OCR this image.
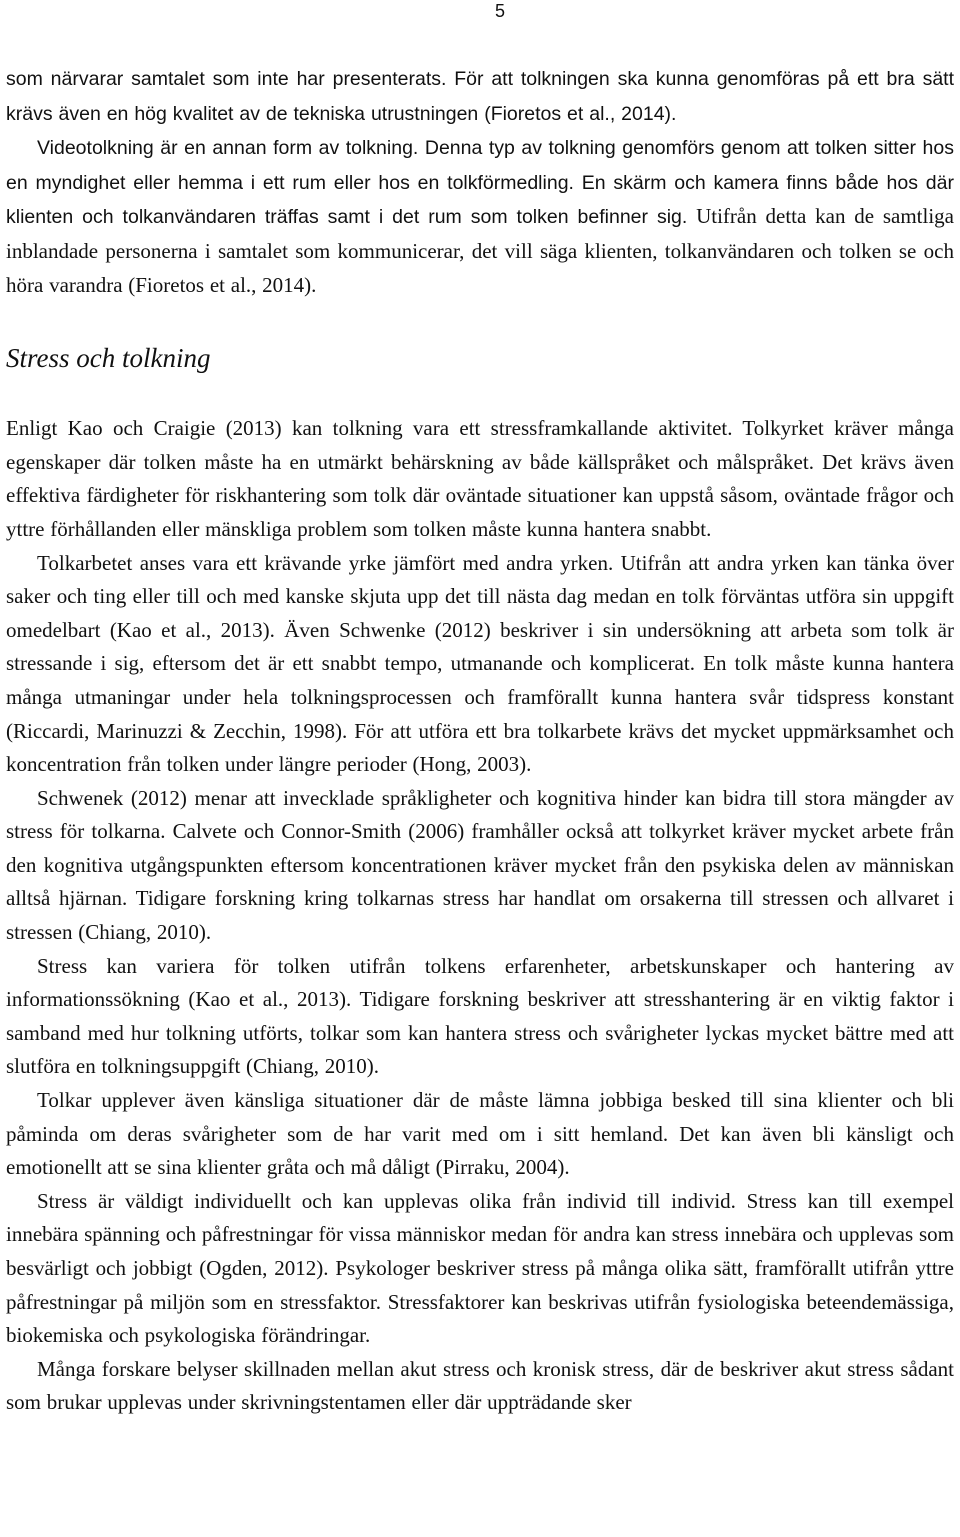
5

som närvarar samtalet som inte har presenterats. För att tolkningen ska kunna genomföras på ett bra sätt krävs även en hög kvalitet av de tekniska utrustningen (Fioretos et al., 2014).

Videotolkning är en annan form av tolkning. Denna typ av tolkning genomförs genom att tolken sitter hos en myndighet eller hemma i ett rum eller hos en tolkförmedling. En skärm och kamera finns både hos där klienten och tolkanvändaren träffas samt i det rum som tolken befinner sig. Utifrån detta kan de samtliga inblandade personerna i samtalet som kommunicerar, det vill säga klienten, tolkanvändaren och tolken se och höra varandra (Fioretos et al., 2014).

Stress och tolkning

Enligt Kao och Craigie (2013) kan tolkning vara ett stressframkallande aktivitet. Tolkyrket kräver många egenskaper där tolken måste ha en utmärkt behärskning av både källspråket och målspråket. Det krävs även effektiva färdigheter för riskhantering som tolk där oväntade situationer kan uppstå såsom, oväntade frågor och yttre förhållanden eller mänskliga problem som tolken måste kunna hantera snabbt.

Tolkarbetet anses vara ett krävande yrke jämfört med andra yrken. Utifrån att andra yrken kan tänka över saker och ting eller till och med kanske skjuta upp det till nästa dag medan en tolk förväntas utföra sin uppgift omedelbart (Kao et al., 2013). Även Schwenke (2012) beskriver i sin undersökning att arbeta som tolk är stressande i sig, eftersom det är ett snabbt tempo, utmanande och komplicerat. En tolk måste kunna hantera många utmaningar under hela tolkningsprocessen och framförallt kunna hantera svår tidspress konstant (Riccardi, Marinuzzi & Zecchin, 1998). För att utföra ett bra tolkarbete krävs det mycket uppmärksamhet och koncentration från tolken under längre perioder (Hong, 2003).

Schwenek (2012) menar att invecklade språkligheter och kognitiva hinder kan bidra till stora mängder av stress för tolkarna. Calvete och Connor-Smith (2006) framhåller också att tolkyrket kräver mycket arbete från den kognitiva utgångspunkten eftersom koncentrationen kräver mycket från den psykiska delen av människan alltså hjärnan. Tidigare forskning kring tolkarnas stress har handlat om orsakerna till stressen och allvaret i stressen (Chiang, 2010).

Stress kan variera för tolken utifrån tolkens erfarenheter, arbetskunskaper och hantering av informationssökning (Kao et al., 2013). Tidigare forskning beskriver att stresshantering är en viktig faktor i samband med hur tolkning utförts, tolkar som kan hantera stress och svårigheter lyckas mycket bättre med att slutföra en tolkningsuppgift (Chiang, 2010).

Tolkar upplever även känsliga situationer där de måste lämna jobbiga besked till sina klienter och bli påminda om deras svårigheter som de har varit med om i sitt hemland. Det kan även bli känsligt och emotionellt att se sina klienter gråta och må dåligt (Pirraku, 2004).

Stress är väldigt individuellt och kan upplevas olika från individ till individ. Stress kan till exempel innebära spänning och påfrestningar för vissa människor medan för andra kan stress innebära och upplevas som besvärligt och jobbigt (Ogden, 2012). Psykologer beskriver stress på många olika sätt, framförallt utifrån yttre påfrestningar på miljön som en stressfaktor. Stressfaktorer kan beskrivas utifrån fysiologiska beteendemässiga, biokemiska och psykologiska förändringar.

Många forskare belyser skillnaden mellan akut stress och kronisk stress, där de beskriver akut stress sådant som brukar upplevas under skrivningstentamen eller där uppträdande sker
